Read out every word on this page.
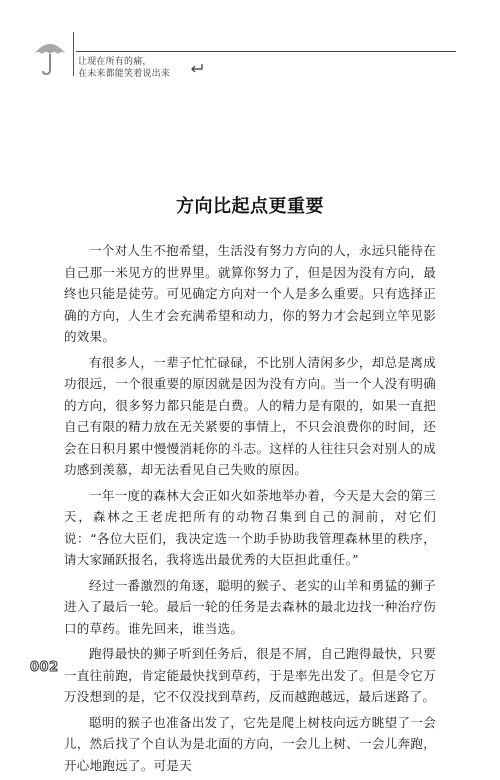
让现在所有的痛，
在未来都能笑着说出来
方向比起点更重要

一个对人生不抱希望，生活没有努力方向的人，永远只能待在自己那一米见方的世界里。就算你努力了，但是因为没有方向，最终也只能是徒劳。可见确定方向对一个人是多么重要。只有选择正确的方向，人生才会充满希望和动力，你的努力才会起到立竿见影的效果。

有很多人，一辈子忙忙碌碌，不比别人清闲多少，却总是离成功很远，一个很重要的原因就是因为没有方向。当一个人没有明确的方向，很多努力都只能是白费。人的精力是有限的，如果一直把自己有限的精力放在无关紧要的事情上，不只会浪费你的时间，还会在日积月累中慢慢消耗你的斗志。这样的人往往只会对别人的成功感到羡慕，却无法看见自己失败的原因。

一年一度的森林大会正如火如荼地举办着，今天是大会的第三天，森林之王老虎把所有的动物召集到自己的洞前，对它们说：“各位大臣们，我决定选一个助手协助我管理森林里的秩序，请大家踊跃报名，我将选出最优秀的大臣担此重任。”

经过一番激烈的角逐，聪明的猴子、老实的山羊和勇猛的狮子进入了最后一轮。最后一轮的任务是去森林的最北边找一种治疗伤口的草药。谁先回来，谁当选。

跑得最快的狮子听到任务后，很是不屑，自己跑得最快，只要一直往前跑，肯定能最快找到草药，于是率先出发了。但是令它万万没想到的是，它不仅没找到草药，反而越跑越远，最后迷路了。

聪明的猴子也准备出发了，它先是爬上树枝向远方眺望了一会儿，然后找了个自认为是北面的方向，一会儿上树、一会儿奔跑，开心地跑远了。可是天

002
